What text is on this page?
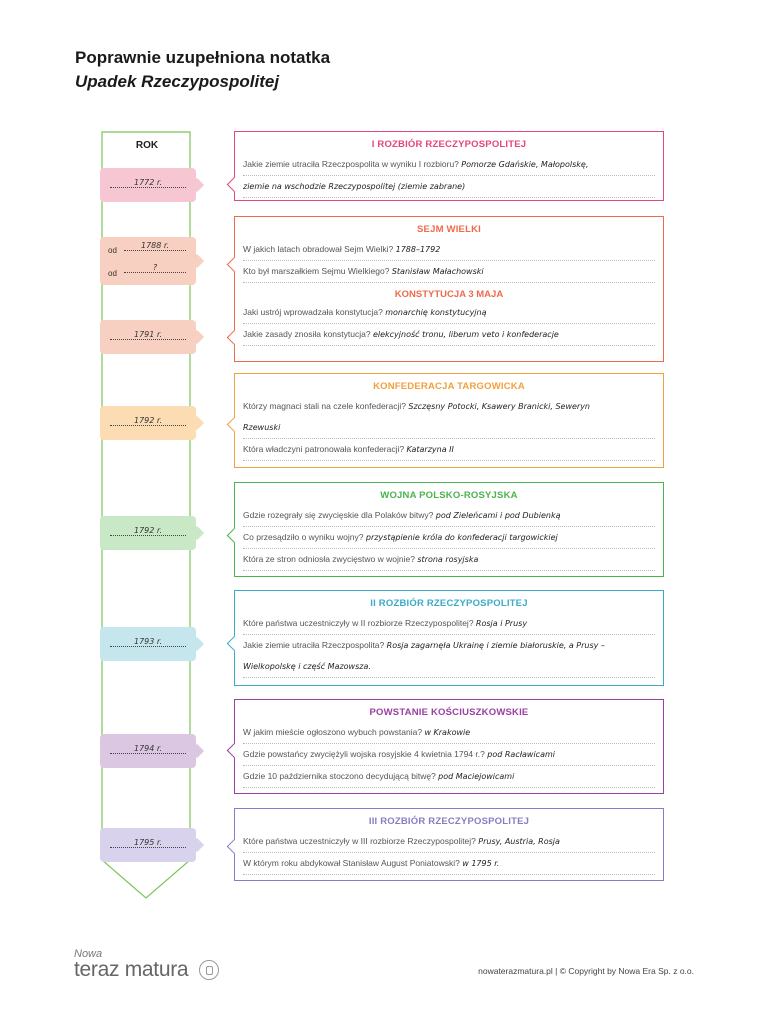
Poprawnie uzupełniona notatka
Upadek Rzeczypospolitej
ROK
1772 r.
od
1788 r.
od
?
1791 r.
1792 r.
1792 r.
1793 r.
1794 r.
1795 r.
I ROZBIÓR RZECZYPOSPOLITEJ
Jakie ziemie utraciła Rzeczpospolita w wyniku I rozbioru? Pomorze Gdańskie, Małopolskę,
ziemie na wschodzie Rzeczypospolitej (ziemie zabrane)
SEJM WIELKI
W jakich latach obradował Sejm Wielki? 1788–1792
Kto był marszałkiem Sejmu Wielkiego? Stanisław Małachowski
KONSTYTUCJA 3 MAJA
Jaki ustrój wprowadzała konstytucja? monarchię konstytucyjną
Jakie zasady znosiła konstytucja? elekcyjność tronu, liberum veto i konfederacje
KONFEDERACJA TARGOWICKA
Którzy magnaci stali na czele konfederacji? Szczęsny Potocki, Ksawery Branicki, Seweryn
Rzewuski
Która władczyni patronowała konfederacji? Katarzyna II
WOJNA POLSKO-ROSYJSKA
Gdzie rozegrały się zwycięskie dla Polaków bitwy? pod Zieleńcami i pod Dubienką
Co przesądziło o wyniku wojny? przystąpienie króla do konfederacji targowickiej
Która ze stron odniosła zwycięstwo w wojnie? strona rosyjska
II ROZBIÓR RZECZYPOSPOLITEJ
Które państwa uczestniczyły w II rozbiorze Rzeczypospolitej? Rosja i Prusy
Jakie ziemie utraciła Rzeczpospolita? Rosja zagarnęła Ukrainę i ziemie białoruskie, a Prusy –
Wielkopolskę i część Mazowsza.
POWSTANIE KOŚCIUSZKOWSKIE
W jakim mieście ogłoszono wybuch powstania? w Krakowie
Gdzie powstańcy zwyciężyli wojska rosyjskie 4 kwietnia 1794 r.? pod Racławicami
Gdzie 10 października stoczono decydującą bitwę? pod Maciejowicami
III ROZBIÓR RZECZYPOSPOLITEJ
Które państwa uczestniczyły w III rozbiorze Rzeczypospolitej? Prusy, Austria, Rosja
W którym roku abdykował Stanisław August Poniatowski? w 1795 r.
Nowa
teraz matura	nowaterazmatura.pl | © Copyright by Nowa Era Sp. z o.o.
